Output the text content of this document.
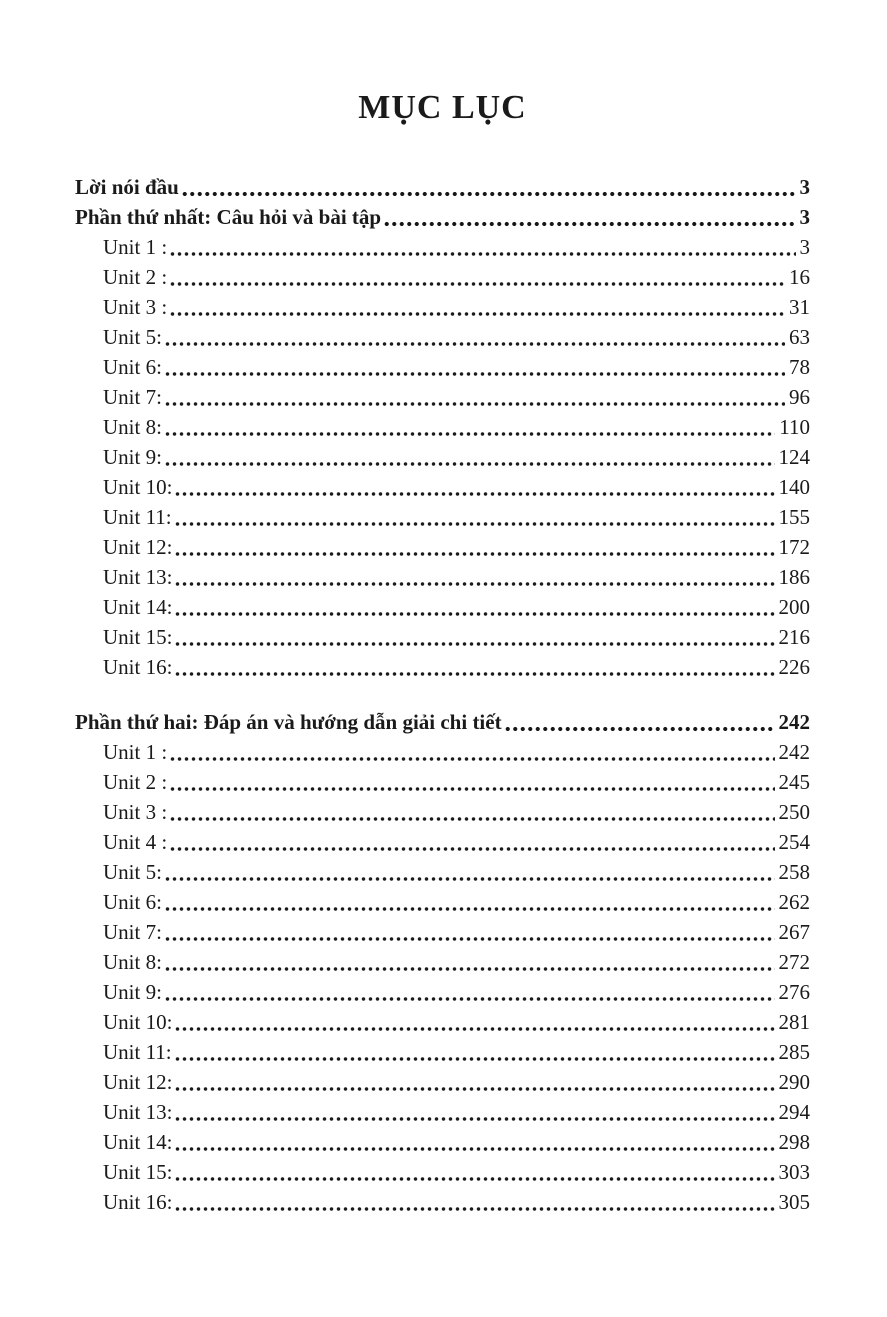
MỤC LỤC
Lời nói đầu	3
Phần thứ nhất: Câu hỏi và bài tập	3
Unit 1 :	3
Unit 2 :	16
Unit 3 :	31
Unit 5:	63
Unit 6:	78
Unit 7:	96
Unit 8:	110
Unit 9:	124
Unit 10:	140
Unit 11:	155
Unit 12:	172
Unit 13:	186
Unit 14:	200
Unit 15:	216
Unit 16:	226
Phần thứ hai: Đáp án và hướng dẫn giải chi tiết	242
Unit 1 :	242
Unit 2 :	245
Unit 3 :	250
Unit 4 :	254
Unit 5:	258
Unit 6:	262
Unit 7:	267
Unit 8:	272
Unit 9:	276
Unit 10:	281
Unit 11:	285
Unit 12:	290
Unit 13:	294
Unit 14:	298
Unit 15:	303
Unit 16:	305
